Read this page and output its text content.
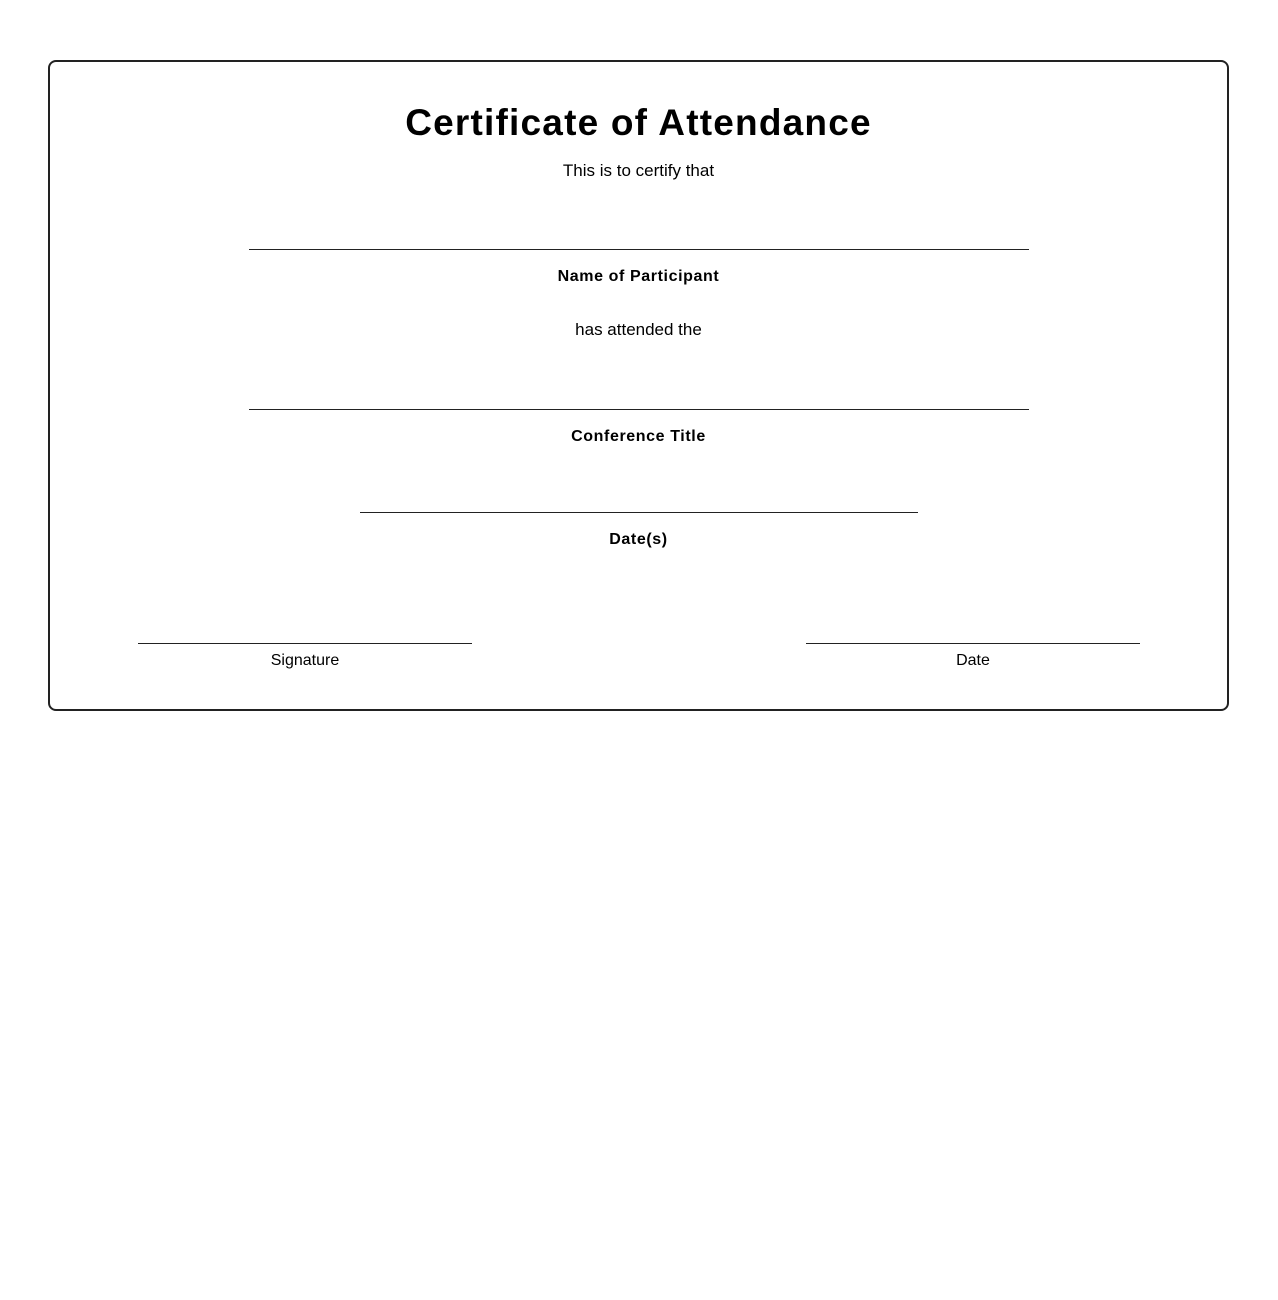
Certificate of Attendance
This is to certify that
Name of Participant
has attended the
Conference Title
Date(s)
Signature	Date
